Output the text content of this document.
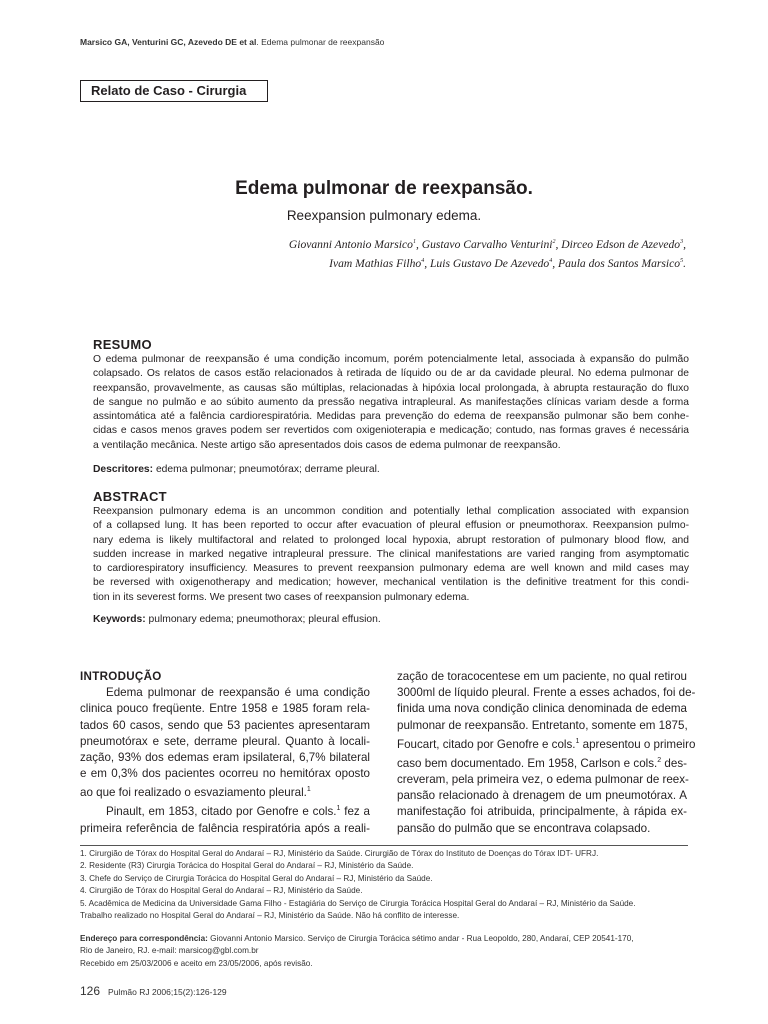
Marsico GA, Venturini GC, Azevedo DE et al. Edema pulmonar de reexpansão
Relato de Caso - Cirurgia
Edema pulmonar de reexpansão.
Reexpansion pulmonary edema.
Giovanni Antonio Marsico$^1$, Gustavo Carvalho Venturini$^2$, Dirceo Edson de Azevedo$^3$,
Ivam Mathias Filho$^4$, Luis Gustavo De Azevedo$^4$, Paula dos Santos Marsico$^5$.
RESUMO
O edema pulmonar de reexpansão é uma condição incomum, porém potencialmente letal, associada à expansão do pulmão
colapsado. Os relatos de casos estão relacionados à retirada de líquido ou de ar da cavidade pleural. No edema pulmonar de
reexpansão, provavelmente, as causas são múltiplas, relacionadas à hipóxia local prolongada, à abrupta restauração do fluxo
de sangue no pulmão e ao súbito aumento da pressão negativa intrapleural. As manifestações clínicas variam desde a forma
assintomática até a falência cardiorespiratória. Medidas para prevenção do edema de reexpansão pulmonar são bem conhe-
cidas e casos menos graves podem ser revertidos com oxigenioterapia e medicação; contudo, nas formas graves é necessária
a ventilação mecânica. Neste artigo são apresentados dois casos de edema pulmonar de reexpansão.
Descritores: edema pulmonar; pneumotórax; derrame pleural.
ABSTRACT
Reexpansion pulmonary edema is an uncommon condition and potentially lethal complication associated with expansion
of a collapsed lung. It has been reported to occur after evacuation of pleural effusion or pneumothorax. Reexpansion pulmo-
nary edema is likely multifactoral and related to prolonged local hypoxia, abrupt restoration of pulmonary blood flow, and
sudden increase in marked negative intrapleural pressure. The clinical manifestations are varied ranging from asymptomatic
to cardiorespiratory insufficiency. Measures to prevent reexpansion pulmonary edema are well known and mild cases may
be reversed with oxigenotherapy and medication; however, mechanical ventilation is the definitive treatment for this condi-
tion in its severest forms. We present two cases of reexpansion pulmonary edema.
Keywords: pulmonary edema; pneumothorax; pleural effusion.
INTRODUÇÃO
Edema pulmonar de reexpansão é uma condição
clinica pouco freqüente. Entre 1958 e 1985 foram rela-
tados 60 casos, sendo que 53 pacientes apresentaram
pneumotórax e sete, derrame pleural. Quanto à locali-
zação, 93% dos edemas eram ipsilateral, 6,7% bilateral
e em 0,3% dos pacientes ocorreu no hemitórax oposto
ao que foi realizado o esvaziamento pleural.$^1$
Pinault, em 1853, citado por Genofre e cols.$^1$ fez a
primeira referência de falência respiratória após a reali-
zação de toracocentese em um paciente, no qual retirou
3000ml de líquido pleural. Frente a esses achados, foi de-
finida uma nova condição clinica denominada de edema
pulmonar de reexpansão. Entretanto, somente em 1875,
Foucart, citado por Genofre e cols.$^1$ apresentou o primeiro
caso bem documentado. Em 1958, Carlson e cols.$^2$ des-
creveram, pela primeira vez, o edema pulmonar de reex-
pansão relacionado à drenagem de um pneumotórax. A
manifestação foi atribuida, principalmente, à rápida ex-
pansão do pulmão que se encontrava colapsado.
1. Cirurgião de Tórax do Hospital Geral do Andaraí – RJ, Ministério da Saúde. Cirurgião de Tórax do Instituto de Doenças do Tórax IDT- UFRJ.
2. Residente (R3) Cirurgia Torácica do Hospital Geral do Andaraí – RJ, Ministério da Saúde.
3. Chefe do Serviço de Cirurgia Torácica do Hospital Geral do Andaraí – RJ, Ministério da Saúde.
4. Cirurgião de Tórax do Hospital Geral do Andaraí – RJ, Ministério da Saúde.
5. Acadêmica de Medicina da Universidade Gama Filho - Estagiária do Serviço de Cirurgia Torácica Hospital Geral do Andaraí – RJ, Ministério da Saúde.
Trabalho realizado no Hospital Geral do Andaraí – RJ, Ministério da Saúde. Não há conflito de interesse.
Endereço para correspondência: Giovanni Antonio Marsico. Serviço de Cirurgia Torácica sétimo andar - Rua Leopoldo, 280, Andaraí, CEP 20541-170,
Rio de Janeiro, RJ. e-mail: marsicog@gbl.com.br
Recebido em 25/03/2006 e aceito em 23/05/2006, após revisão.
126 Pulmão RJ 2006;15(2):126-129
